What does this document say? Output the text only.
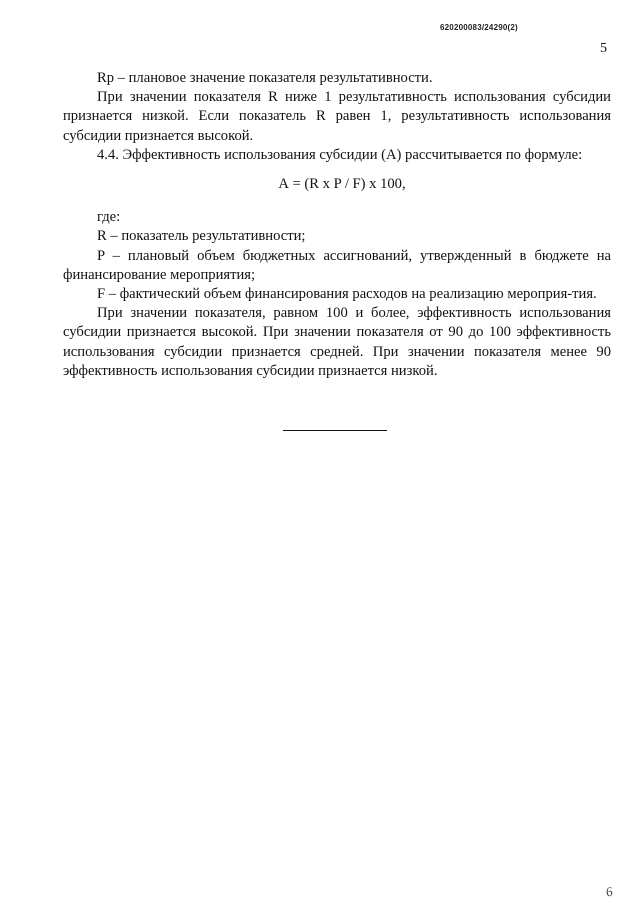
620200083/24290(2)
5

Rp – плановое значение показателя результативности.

При значении показателя R ниже 1 результативность использования субсидии признается низкой. Если показатель R равен 1, результативность использования субсидии признается высокой.

4.4. Эффективность использования субсидии (А) рассчитывается по формуле:

А = (R х P / F) х 100,

где:

R – показатель результативности;

P – плановый объем бюджетных ассигнований, утвержденный в бюджете на финансирование мероприятия;

F – фактический объем финансирования расходов на реализацию мероприя-тия.

При значении показателя, равном 100 и более, эффективность использования субсидии признается высокой. При значении показателя от 90 до 100 эффективность использования субсидии признается средней. При значении показателя менее 90 эффективность использования субсидии признается низкой.

6
